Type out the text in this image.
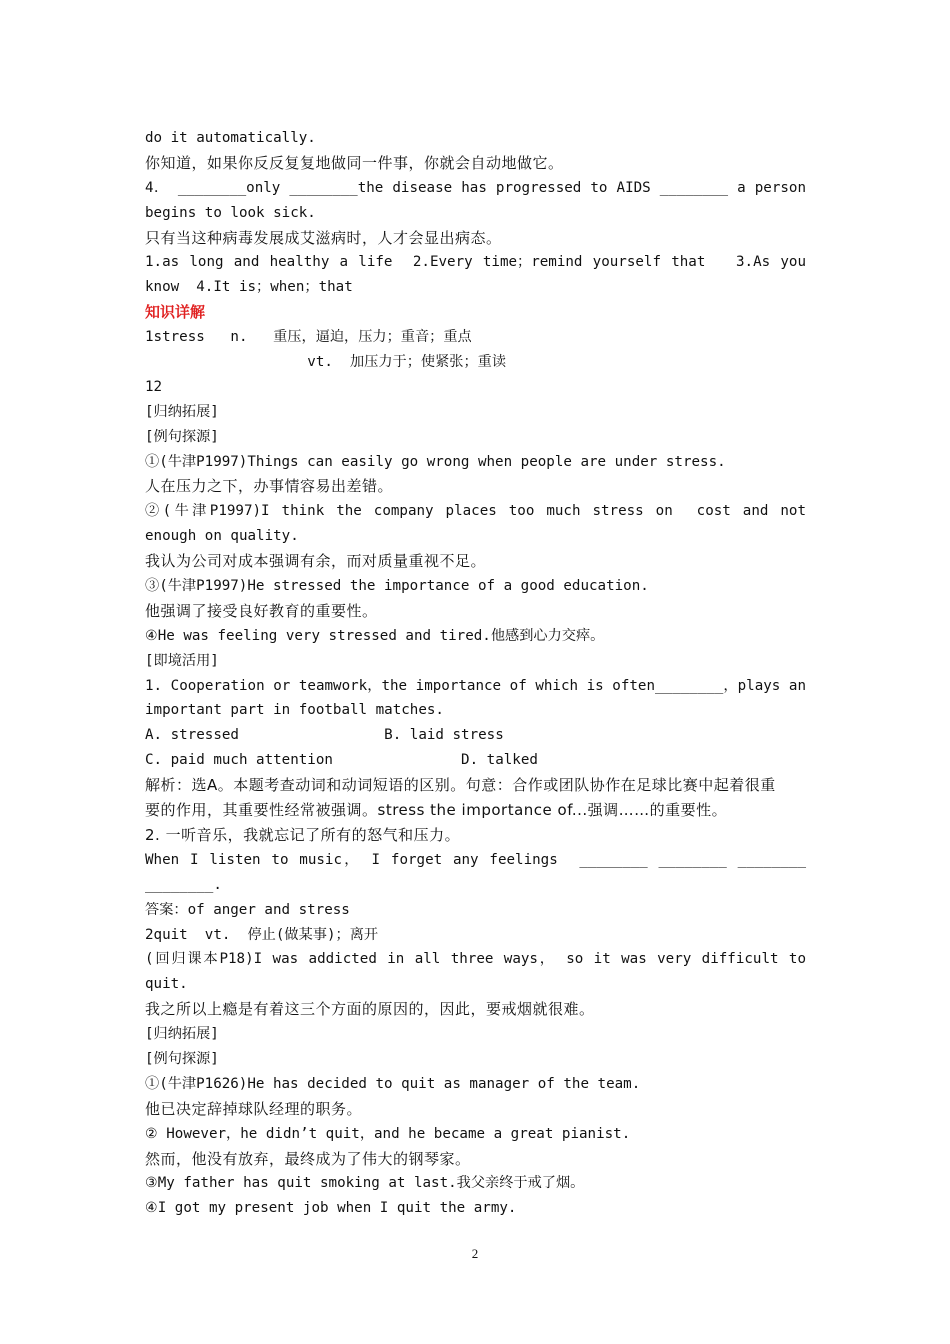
do it automatically.
你知道，如果你反反复复地做同一件事，你就会自动地做它。
4． ________only ________the disease has progressed to AIDS ________ a person
begins to look sick.
只有当这种病毒发展成艾滋病时，人才会显出病态。
1.as long and healthy a life  2.Every time；remind yourself that   3.As you
know  4.It is；when；that
知识详解
1stress   n.   重压，逼迫，压力；重音；重点
vt.  加压力于；使紧张；重读
12
[归纳拓展]
[例句探源]
①(牛津P1997)Things can easily go wrong when people are under stress.
人在压力之下，办事情容易出差错。
②(牛津P1997)I think the company places too much stress on  cost and not
enough on quality.
我认为公司对成本强调有余，而对质量重视不足。
③(牛津P1997)He stressed the importance of a good education.
他强调了接受良好教育的重要性。
④He was feeling very stressed and tired.他感到心力交瘁。
[即境活用]
1. Cooperation or teamwork，the importance of which is often________，plays an
important part in football matches.
A. stressed                 B. laid stress
C. paid much attention               D. talked
解析：选A。本题考查动词和动词短语的区别。句意：合作或团队协作在足球比赛中起着很重
要的作用，其重要性经常被强调。stress the importance of...强调……的重要性。
2. 一听音乐，我就忘记了所有的怒气和压力。
When I listen to music， I forget any feelings  ________ ________ ________
________.
答案：of anger and stress
2quit  vt.  停止(做某事)；离开
(回归课本P18)I was addicted in all three ways， so it was very difficult to
quit.
我之所以上瘾是有着这三个方面的原因的，因此，要戒烟就很难。
[归纳拓展]
[例句探源]
①(牛津P1626)He has decided to quit as manager of the team.
他已决定辞掉球队经理的职务。
② However，he didn’t quit，and he became a great pianist.
然而，他没有放弃，最终成为了伟大的钢琴家。
③My father has quit smoking at last.我父亲终于戒了烟。
④I got my present job when I quit the army.
2
